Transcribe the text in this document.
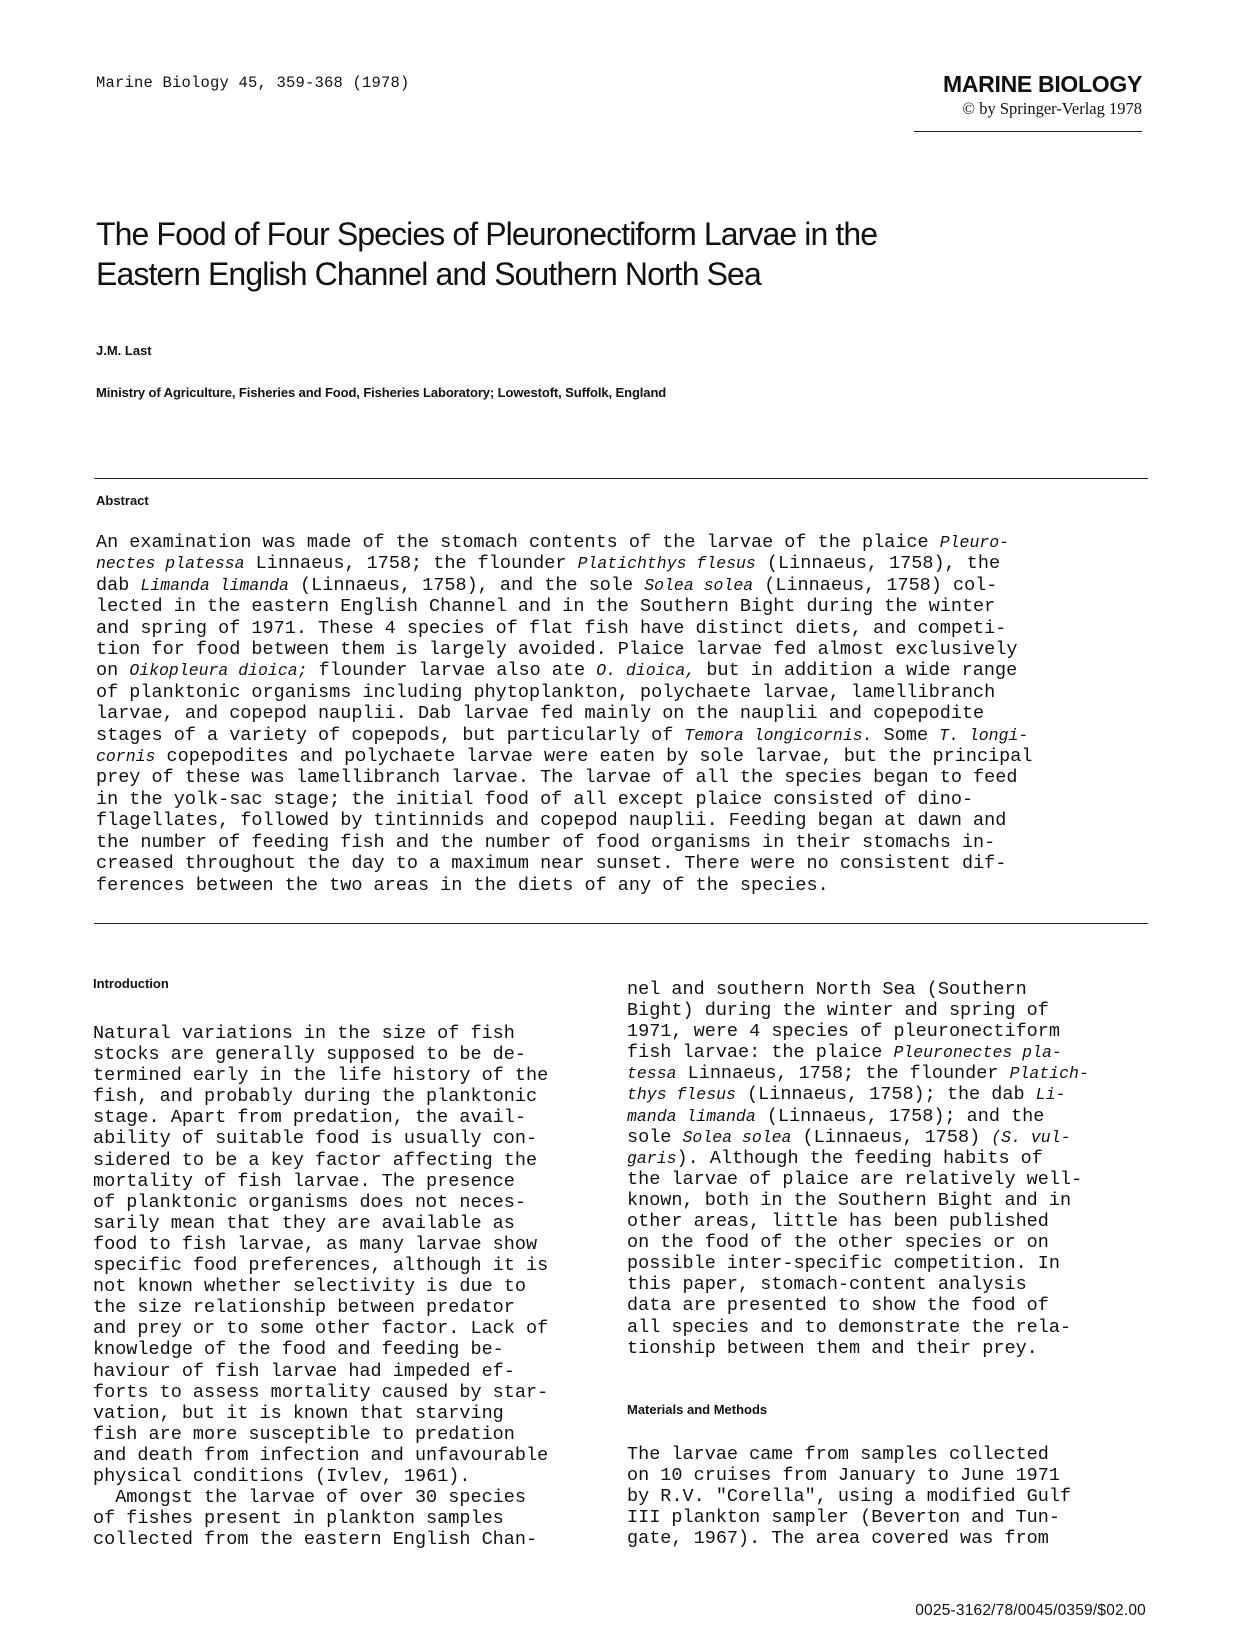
Marine Biology 45, 359-368 (1978)	MARINE BIOLOGY
© by Springer-Verlag 1978
The Food of Four Species of Pleuronectiform Larvae in the
Eastern English Channel and Southern North Sea
J.M. Last
Ministry of Agriculture, Fisheries and Food, Fisheries Laboratory; Lowestoft, Suffolk, England
Abstract
An examination was made of the stomach contents of the larvae of the plaice Pleuro-
nectes platessa Linnaeus, 1758; the flounder Platichthys flesus (Linnaeus, 1758), the
dab Limanda limanda (Linnaeus, 1758), and the sole Solea solea (Linnaeus, 1758) col-
lected in the eastern English Channel and in the Southern Bight during the winter
and spring of 1971. These 4 species of flat fish have distinct diets, and competi-
tion for food between them is largely avoided. Plaice larvae fed almost exclusively
on Oikopleura dioica; flounder larvae also ate O. dioica, but in addition a wide range
of planktonic organisms including phytoplankton, polychaete larvae, lamellibranch
larvae, and copepod nauplii. Dab larvae fed mainly on the nauplii and copepodite
stages of a variety of copepods, but particularly of Temora longicornis. Some T. longi-
cornis copepodites and polychaete larvae were eaten by sole larvae, but the principal
prey of these was lamellibranch larvae. The larvae of all the species began to feed
in the yolk-sac stage; the initial food of all except plaice consisted of dino-
flagellates, followed by tintinnids and copepod nauplii. Feeding began at dawn and
the number of feeding fish and the number of food organisms in their stomachs in-
creased throughout the day to a maximum near sunset. There were no consistent dif-
ferences between the two areas in the diets of any of the species.
Introduction
Natural variations in the size of fish
stocks are generally supposed to be de-
termined early in the life history of the
fish, and probably during the planktonic
stage. Apart from predation, the avail-
ability of suitable food is usually con-
sidered to be a key factor affecting the
mortality of fish larvae. The presence
of planktonic organisms does not neces-
sarily mean that they are available as
food to fish larvae, as many larvae show
specific food preferences, although it is
not known whether selectivity is due to
the size relationship between predator
and prey or to some other factor. Lack of
knowledge of the food and feeding be-
haviour of fish larvae had impeded ef-
forts to assess mortality caused by star-
vation, but it is known that starving
fish are more susceptible to predation
and death from infection and unfavourable
physical conditions (Ivlev, 1961).
Amongst the larvae of over 30 species
of fishes present in plankton samples
collected from the eastern English Chan-
nel and southern North Sea (Southern
Bight) during the winter and spring of
1971, were 4 species of pleuronectiform
fish larvae: the plaice Pleuronectes pla-
tessa Linnaeus, 1758; the flounder Platich-
thys flesus (Linnaeus, 1758); the dab Li-
manda limanda (Linnaeus, 1758); and the
sole Solea solea (Linnaeus, 1758) (S. vul-
garis). Although the feeding habits of
the larvae of plaice are relatively well-
known, both in the Southern Bight and in
other areas, little has been published
on the food of the other species or on
possible inter-specific competition. In
this paper, stomach-content analysis
data are presented to show the food of
all species and to demonstrate the rela-
tionship between them and their prey.
Materials and Methods
The larvae came from samples collected
on 10 cruises from January to June 1971
by R.V. "Corella", using a modified Gulf
III plankton sampler (Beverton and Tun-
gate, 1967). The area covered was from
0025-3162/78/0045/0359/$02.00
